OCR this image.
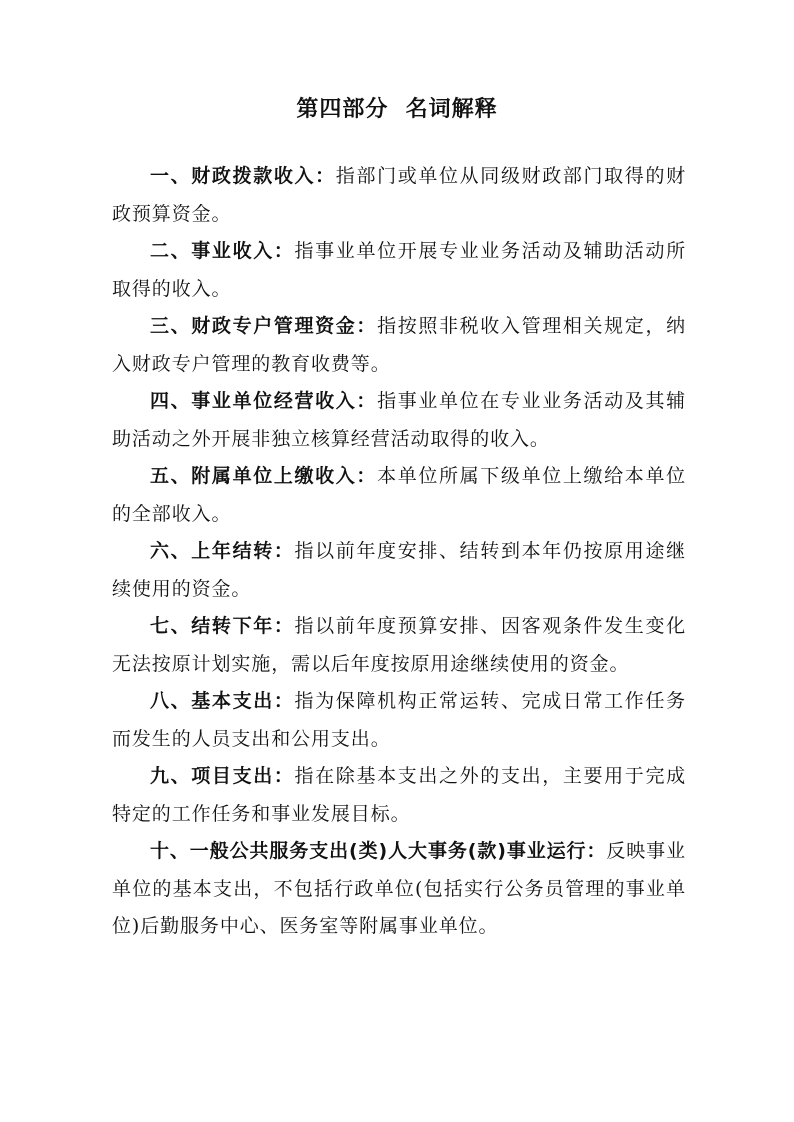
第四部分  名词解释

一、财政拨款收入：指部门或单位从同级财政部门取得的财政预算资金。

二、事业收入：指事业单位开展专业业务活动及辅助活动所取得的收入。

三、财政专户管理资金：指按照非税收入管理相关规定，纳入财政专户管理的教育收费等。

四、事业单位经营收入：指事业单位在专业业务活动及其辅助活动之外开展非独立核算经营活动取得的收入。

五、附属单位上缴收入：本单位所属下级单位上缴给本单位的全部收入。

六、上年结转：指以前年度安排、结转到本年仍按原用途继续使用的资金。

七、结转下年：指以前年度预算安排、因客观条件发生变化无法按原计划实施，需以后年度按原用途继续使用的资金。

八、基本支出：指为保障机构正常运转、完成日常工作任务而发生的人员支出和公用支出。

九、项目支出：指在除基本支出之外的支出，主要用于完成特定的工作任务和事业发展目标。

十、一般公共服务支出(类)人大事务(款)事业运行：反映事业单位的基本支出，不包括行政单位(包括实行公务员管理的事业单位)后勤服务中心、医务室等附属事业单位。
